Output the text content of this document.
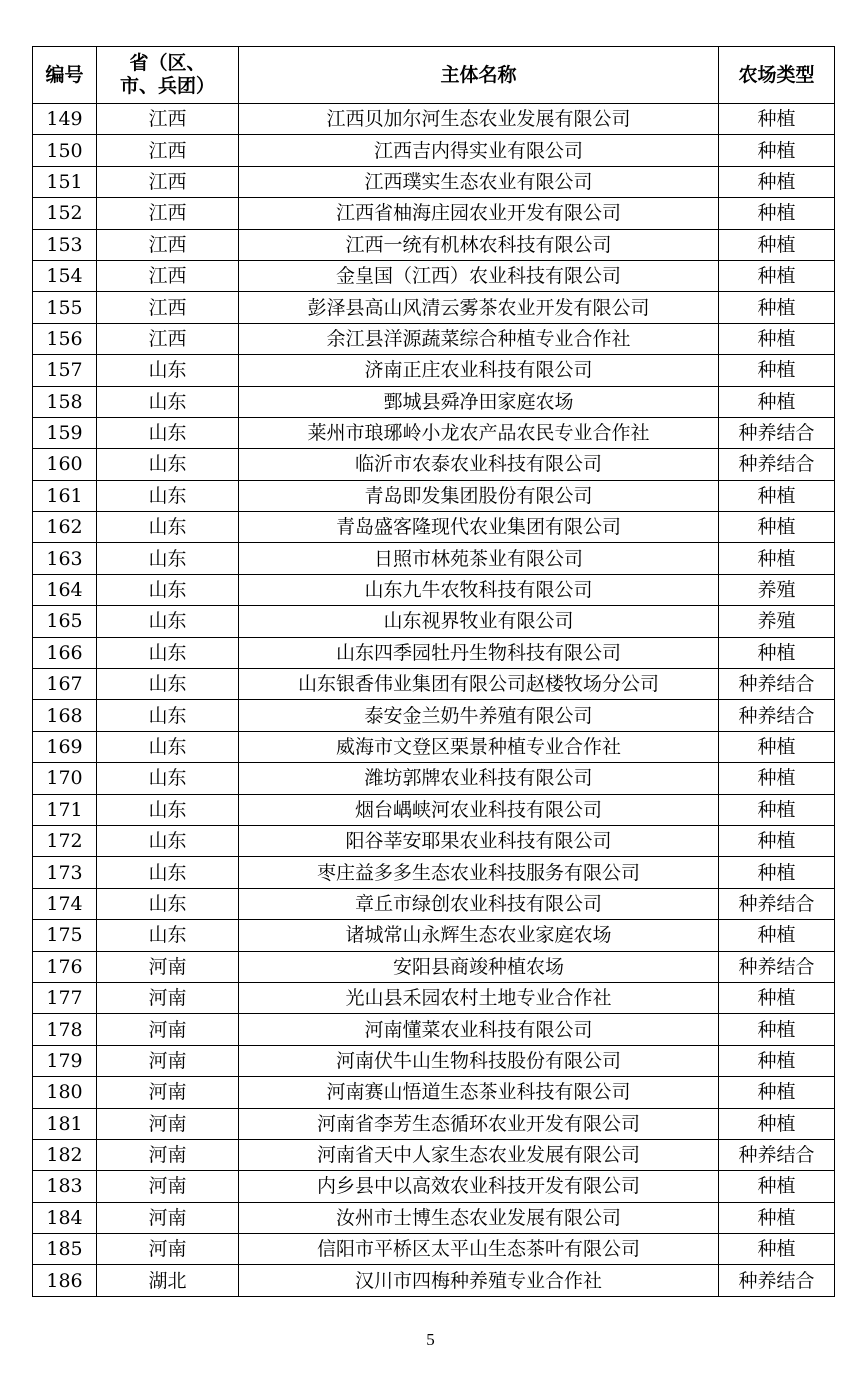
编号	省（区、
市、兵团）	主体名称	农场类型
149	江西	江西贝加尔河生态农业发展有限公司	种植
150	江西	江西吉内得实业有限公司	种植
151	江西	江西璞实生态农业有限公司	种植
152	江西	江西省柚海庄园农业开发有限公司	种植
153	江西	江西一统有机林农科技有限公司	种植
154	江西	金皇国（江西）农业科技有限公司	种植
155	江西	彭泽县高山风清云雾茶农业开发有限公司	种植
156	江西	余江县洋源蔬菜综合种植专业合作社	种植
157	山东	济南正庄农业科技有限公司	种植
158	山东	鄄城县舜净田家庭农场	种植
159	山东	莱州市琅琊岭小龙农产品农民专业合作社	种养结合
160	山东	临沂市农泰农业科技有限公司	种养结合
161	山东	青岛即发集团股份有限公司	种植
162	山东	青岛盛客隆现代农业集团有限公司	种植
163	山东	日照市林苑茶业有限公司	种植
164	山东	山东九牛农牧科技有限公司	养殖
165	山东	山东视界牧业有限公司	养殖
166	山东	山东四季园牡丹生物科技有限公司	种植
167	山东	山东银香伟业集团有限公司赵楼牧场分公司	种养结合
168	山东	泰安金兰奶牛养殖有限公司	种养结合
169	山东	威海市文登区栗景种植专业合作社	种植
170	山东	潍坊郭牌农业科技有限公司	种植
171	山东	烟台嵎峡河农业科技有限公司	种植
172	山东	阳谷莘安耶果农业科技有限公司	种植
173	山东	枣庄益多多生态农业科技服务有限公司	种植
174	山东	章丘市绿创农业科技有限公司	种养结合
175	山东	诸城常山永辉生态农业家庭农场	种植
176	河南	安阳县商竣种植农场	种养结合
177	河南	光山县禾园农村土地专业合作社	种植
178	河南	河南懂菜农业科技有限公司	种植
179	河南	河南伏牛山生物科技股份有限公司	种植
180	河南	河南赛山悟道生态茶业科技有限公司	种植
181	河南	河南省李芳生态循环农业开发有限公司	种植
182	河南	河南省天中人家生态农业发展有限公司	种养结合
183	河南	内乡县中以高效农业科技开发有限公司	种植
184	河南	汝州市士博生态农业发展有限公司	种植
185	河南	信阳市平桥区太平山生态茶叶有限公司	种植
186	湖北	汉川市四梅种养殖专业合作社	种养结合
5
